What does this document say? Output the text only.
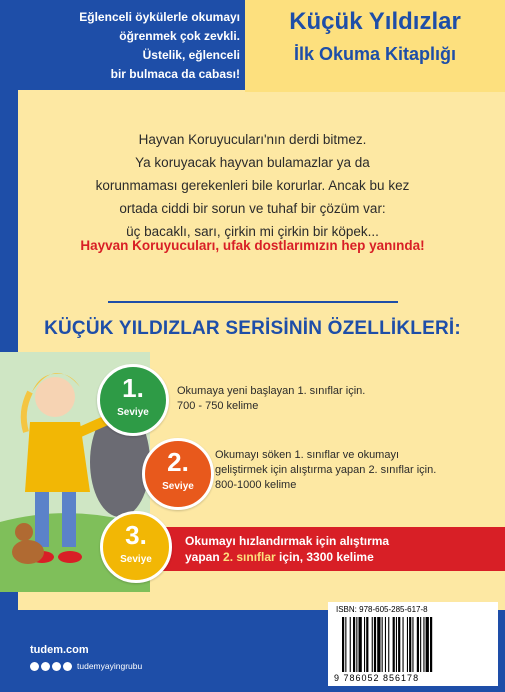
Eğlenceli öykülerle okumayı
öğrenmek çok zevkli.
Üstelik, eğlenceli
bir bulmaca da cabası!
Küçük Yıldızlar
İlk Okuma Kitaplığı
Hayvan Koruyucuları'nın derdi bitmez.
Ya koruyacak hayvan bulamazlar ya da
korunmaması gerekenleri bile korurlar. Ancak bu kez
ortada ciddi bir sorun ve tuhaf bir çözüm var:
üç bacaklı, sarı, çirkin mi çirkin bir köpek...
Hayvan Koruyucuları, ufak dostlarımızın hep yanında!
KÜÇÜK YILDIZLAR SERİSİNİN ÖZELLİKLERİ:
1.
Seviye
Okumaya yeni başlayan 1. sınıflar için.
700 - 750 kelime
2.
Seviye
Okumayı söken 1. sınıflar ve okumayı
geliştirmek için alıştırma yapan 2. sınıflar için.
800-1000 kelime
3.
Seviye
Okumayı hızlandırmak için alıştırma
yapan 2. sınıflar için, 3300 kelime
tudem.com
tudemyayingrubu
ISBN: 978-605-285-617-8
9 786052 856178
